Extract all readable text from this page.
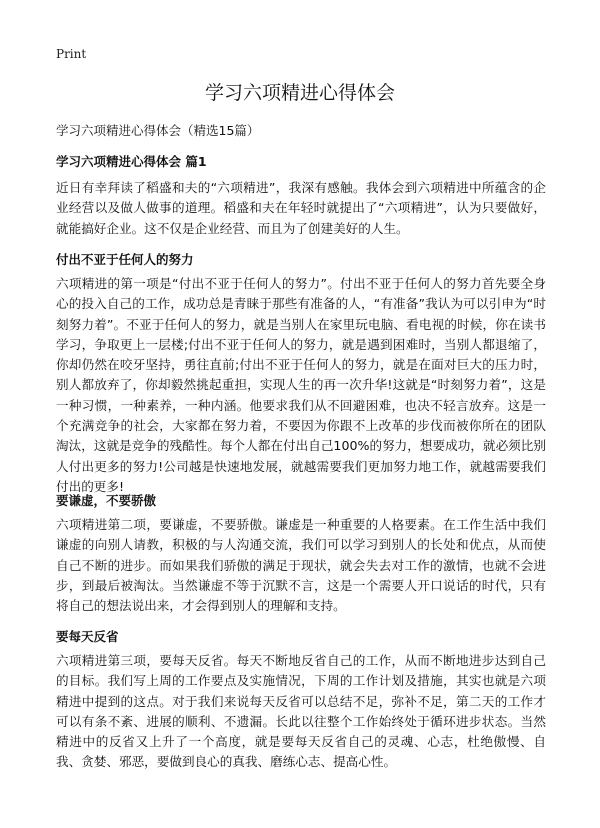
Print
学习六项精进心得体会
学习六项精进心得体会（精选15篇）
学习六项精进心得体会 篇1

近日有幸拜读了稻盛和夫的“六项精进”，我深有感触。我体会到六项精进中所蕴含的企业经营以及做人做事的道理。稻盛和夫在年轻时就提出了“六项精进”，认为只要做好，就能搞好企业。这不仅是企业经营、而且为了创建美好的人生。

付出不亚于任何人的努力

六项精进的第一项是“付出不亚于任何人的努力”。付出不亚于任何人的努力首先要全身心的投入自己的工作，成功总是青睐于那些有准备的人，“有准备”我认为可以引申为“时刻努力着”。不亚于任何人的努力，就是当别人在家里玩电脑、看电视的时候，你在读书学习，争取更上一层楼;付出不亚于任何人的努力，就是遇到困难时，当别人都退缩了，你却仍然在咬牙坚持，勇往直前;付出不亚于任何人的努力，就是在面对巨大的压力时，别人都放弃了，你却毅然挑起重担，实现人生的再一次升华!这就是“时刻努力着”，这是一种习惯，一种素养，一种内涵。他要求我们从不回避困难，也决不轻言放弃。这是一个充满竞争的社会，大家都在努力着，不要因为你跟不上改革的步伐而被你所在的团队淘汰，这就是竞争的残酷性。每个人都在付出自己100%的努力，想要成功，就必须比别人付出更多的努力!公司越是快速地发展，就越需要我们更加努力地工作，就越需要我们付出的更多!

要谦虚，不要骄傲

六项精进第二项，要谦虚，不要骄傲。谦虚是一种重要的人格要素。在工作生活中我们谦虚的向别人请教，积极的与人沟通交流，我们可以学习到别人的长处和优点，从而使自己不断的进步。而如果我们骄傲的满足于现状，就会失去对工作的激情，也就不会进步，到最后被淘汰。当然谦虚不等于沉默不言，这是一个需要人开口说话的时代，只有将自己的想法说出来，才会得到别人的理解和支持。

要每天反省

六项精进第三项，要每天反省。每天不断地反省自己的工作，从而不断地进步达到自己的目标。我们写上周的工作要点及实施情况，下周的工作计划及措施，其实也就是六项精进中提到的这点。对于我们来说每天反省可以总结不足，弥补不足，第二天的工作才可以有条不紊、进展的顺利、不遗漏。长此以往整个工作始终处于循环进步状态。当然精进中的反省又上升了一个高度，就是要每天反省自己的灵魂、心志，杜绝傲慢、自我、贪婪、邪恶，要做到良心的真我、磨练心志、提高心性。
